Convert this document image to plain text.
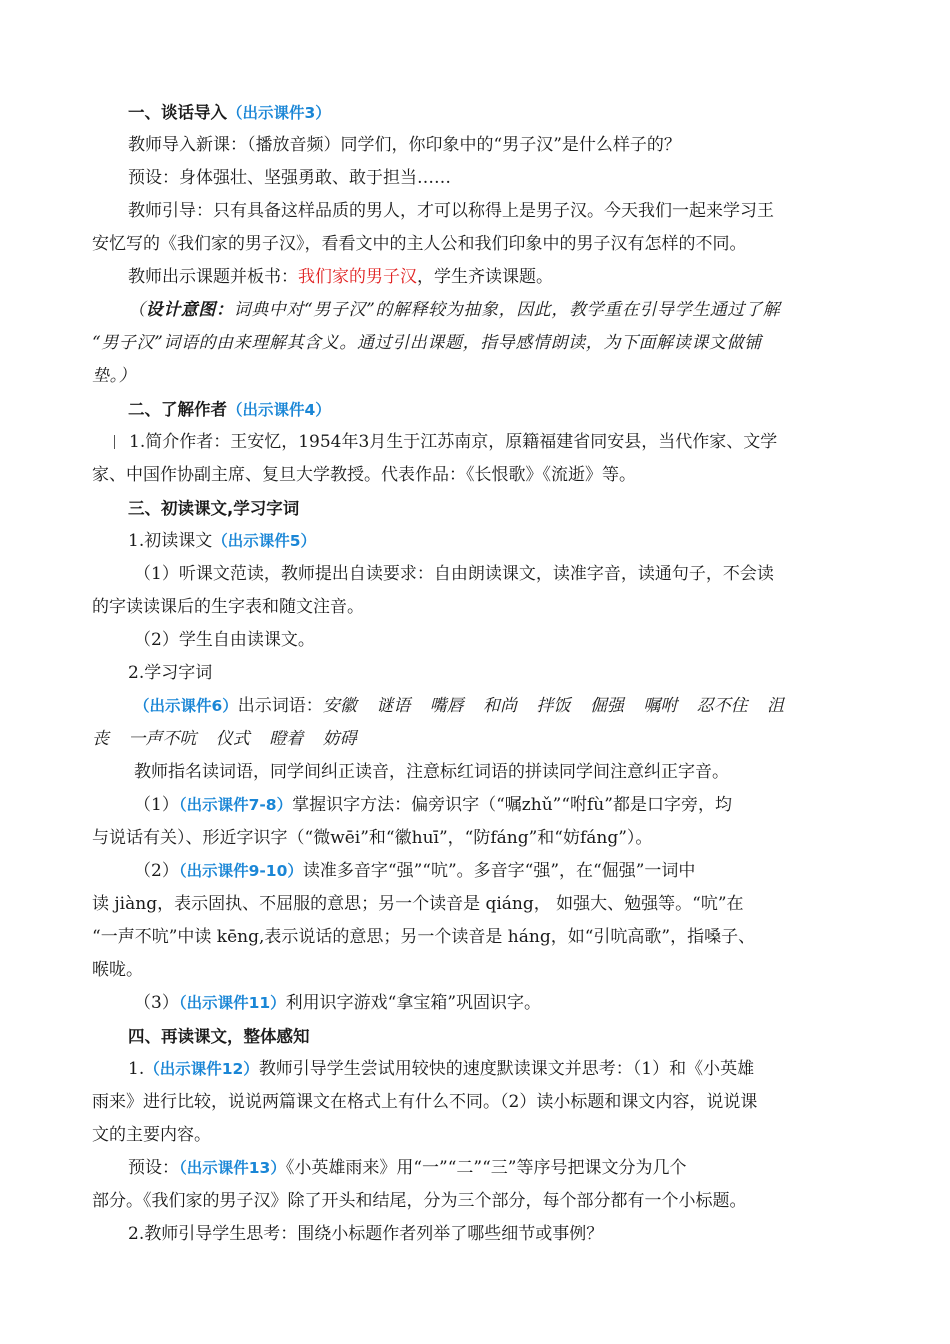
一、谈话导入（出示课件3）
教师导入新课：（播放音频）同学们，你印象中的“男子汉”是什么样子的？
预设：身体强壮、坚强勇敢、敢于担当……
教师引导：只有具备这样品质的男人，才可以称得上是男子汉。今天我们一起来学习王
安忆写的《我们家的男子汉》，看看文中的主人公和我们印象中的男子汉有怎样的不同。
教师出示课题并板书：我们家的男子汉，学生齐读课题。
（设计意图：词典中对“男子汉”的解释较为抽象，因此，教学重在引导学生通过了解
“男子汉”词语的由来理解其含义。通过引出课题，指导感情朗读，为下面解读课文做铺
垫。）
二、了解作者（出示课件4）
1.简介作者：王安忆，1954年3月生于江苏南京，原籍福建省同安县，当代作家、文学
家、中国作协副主席、复旦大学教授。代表作品：《长恨歌》《流逝》等。
三、初读课文,学习字词
1.初读课文（出示课件5）
（1）听课文范读，教师提出自读要求：自由朗读课文，读准字音，读通句子，不会读
的字读读课后的生字表和随文注音。
（2）学生自由读课文。
2.学习字词
（出示课件6）出示词语：安徽 谜语 嘴唇 和尚 拌饭 倔强 嘱咐 忍不住 沮
丧 一声不吭 仪式 瞪着 妨碍
教师指名读词语，同学间纠正读音，注意标红词语的拼读同学间注意纠正字音。
（1）（出示课件7-8）掌握识字方法：偏旁识字（“嘱zhǔ”“咐fù”都是口字旁，均
与说话有关）、形近字识字（“微wēi”和“徽huī”，“防fáng”和“妨fáng”）。
（2）（出示课件9-10）读准多音字“强”“吭”。多音字“强”，在“倔强”一词中
读 jiàng，表示固执、不屈服的意思；另一个读音是 qiáng， 如强大、勉强等。“吭”在
“一声不吭”中读 kēng,表示说话的意思；另一个读音是 háng，如“引吭高歌”，指嗓子、
喉咙。
（3）（出示课件11）利用识字游戏“拿宝箱”巩固识字。
四、再读课文，整体感知
1.（出示课件12）教师引导学生尝试用较快的速度默读课文并思考：（1）和《小英雄
雨来》进行比较，说说两篇课文在格式上有什么不同。（2）读小标题和课文内容，说说课
文的主要内容。
预设：（出示课件13）《小英雄雨来》用“一”“二”“三”等序号把课文分为几个
部分。《我们家的男子汉》除了开头和结尾，分为三个部分，每个部分都有一个小标题。
2.教师引导学生思考：围绕小标题作者列举了哪些细节或事例？
